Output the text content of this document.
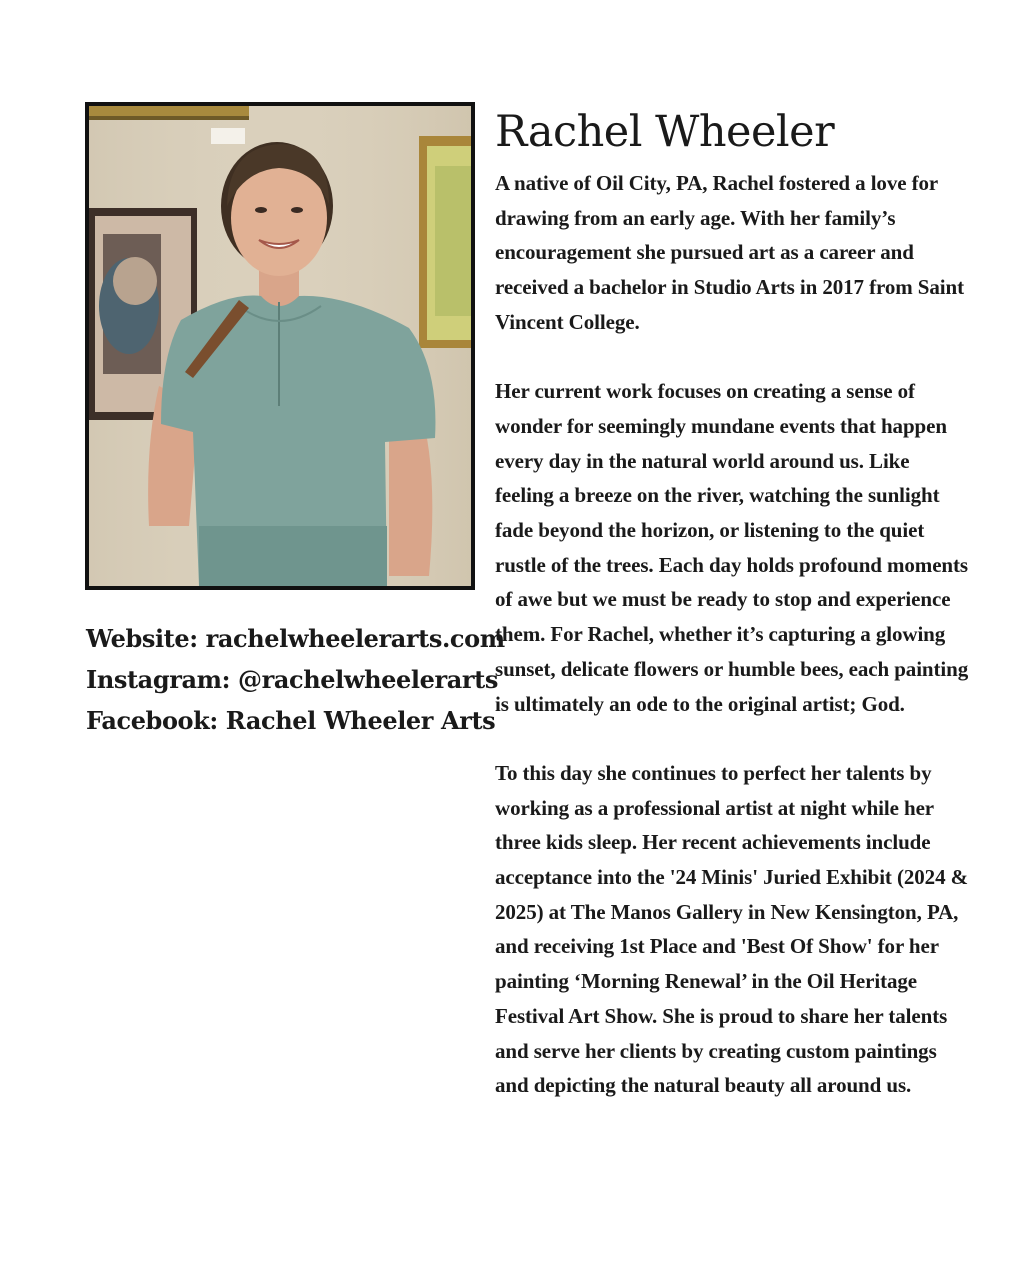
Website: rachelwheelerarts.com
Instagram: @rachelwheelerarts
Facebook: Rachel Wheeler Arts
Rachel Wheeler

A native of Oil City, PA, Rachel fostered a love for drawing from an early age. With her family’s encouragement she pursued art as a career and received a bachelor in Studio Arts in 2017 from Saint Vincent College.

Her current work focuses on creating a sense of wonder for seemingly mundane events that happen every day in the natural world around us. Like feeling a breeze on the river, watching the sunlight fade beyond the horizon, or listening to the quiet rustle of the trees. Each day holds profound moments of awe but we must be ready to stop and experience them. For Rachel, whether it’s capturing a glowing sunset, delicate flowers or humble bees, each painting is ultimately an ode to the original artist; God.

To this day she continues to perfect her talents by working as a professional artist at night while her three kids sleep. Her recent achievements include acceptance into the '24 Minis' Juried Exhibit (2024 & 2025) at The Manos Gallery in New Kensington, PA, and receiving 1st Place and 'Best Of Show' for her painting ‘Morning Renewal’ in the Oil Heritage Festival Art Show. She is proud to share her talents and serve her clients by creating custom paintings and depicting the natural beauty all around us.
